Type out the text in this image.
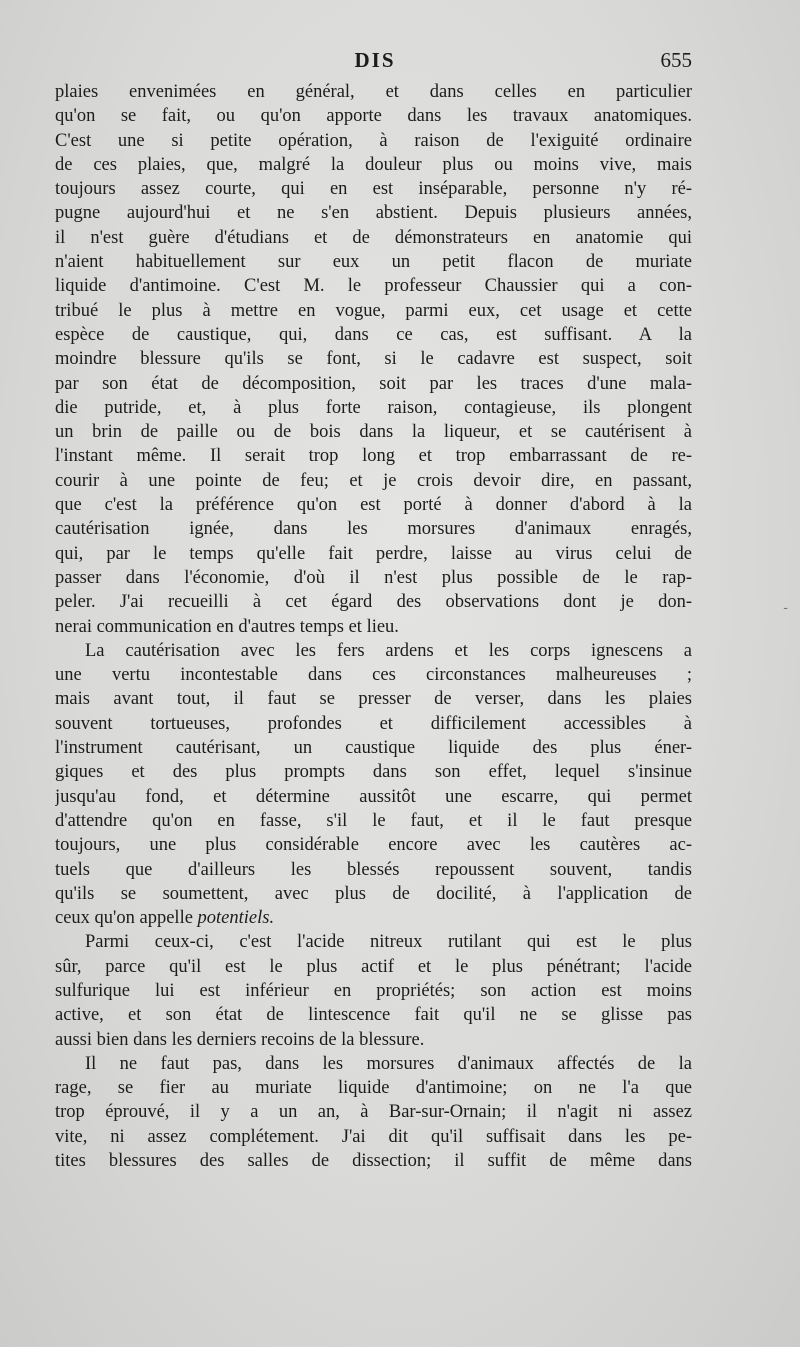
DIS	655
plaies envenimées en général, et dans celles en particulier
qu'on se fait, ou qu'on apporte dans les travaux anatomiques.
C'est une si petite opération, à raison de l'exiguité ordinaire
de ces plaies, que, malgré la douleur plus ou moins vive, mais
toujours assez courte, qui en est inséparable, personne n'y ré-
pugne aujourd'hui et ne s'en abstient. Depuis plusieurs années,
il n'est guère d'étudians et de démonstrateurs en anatomie qui
n'aient habituellement sur eux un petit flacon de muriate
liquide d'antimoine. C'est M. le professeur Chaussier qui a con-
tribué le plus à mettre en vogue, parmi eux, cet usage et cette
espèce de caustique, qui, dans ce cas, est suffisant. A la
moindre blessure qu'ils se font, si le cadavre est suspect, soit
par son état de décomposition, soit par les traces d'une mala-
die putride, et, à plus forte raison, contagieuse, ils plongent
un brin de paille ou de bois dans la liqueur, et se cautérisent à
l'instant même. Il serait trop long et trop embarrassant de re-
courir à une pointe de feu; et je crois devoir dire, en passant,
que c'est la préférence qu'on est porté à donner d'abord à la
cautérisation ignée, dans les morsures d'animaux enragés,
qui, par le temps qu'elle fait perdre, laisse au virus celui de
passer dans l'économie, d'où il n'est plus possible de le rap-
peler. J'ai recueilli à cet égard des observations dont je don-
nerai communication en d'autres temps et lieu.
La cautérisation avec les fers ardens et les corps ignescens a
une vertu incontestable dans ces circonstances malheureuses ;
mais avant tout, il faut se presser de verser, dans les plaies
souvent tortueuses, profondes et difficilement accessibles à
l'instrument cautérisant, un caustique liquide des plus éner-
giques et des plus prompts dans son effet, lequel s'insinue
jusqu'au fond, et détermine aussitôt une escarre, qui permet
d'attendre qu'on en fasse, s'il le faut, et il le faut presque
toujours, une plus considérable encore avec les cautères ac-
tuels que d'ailleurs les blessés repoussent souvent, tandis
qu'ils se soumettent, avec plus de docilité, à l'application de
ceux qu'on appelle potentiels.
Parmi ceux-ci, c'est l'acide nitreux rutilant qui est le plus
sûr, parce qu'il est le plus actif et le plus pénétrant; l'acide
sulfurique lui est inférieur en propriétés; son action est moins
active, et son état de lintescence fait qu'il ne se glisse pas
aussi bien dans les derniers recoins de la blessure.
Il ne faut pas, dans les morsures d'animaux affectés de la
rage, se fier au muriate liquide d'antimoine; on ne l'a que
trop éprouvé, il y a un an, à Bar-sur-Ornain; il n'agit ni assez
vite, ni assez complétement. J'ai dit qu'il suffisait dans les pe-
tites blessures des salles de dissection; il suffit de même dans
-
